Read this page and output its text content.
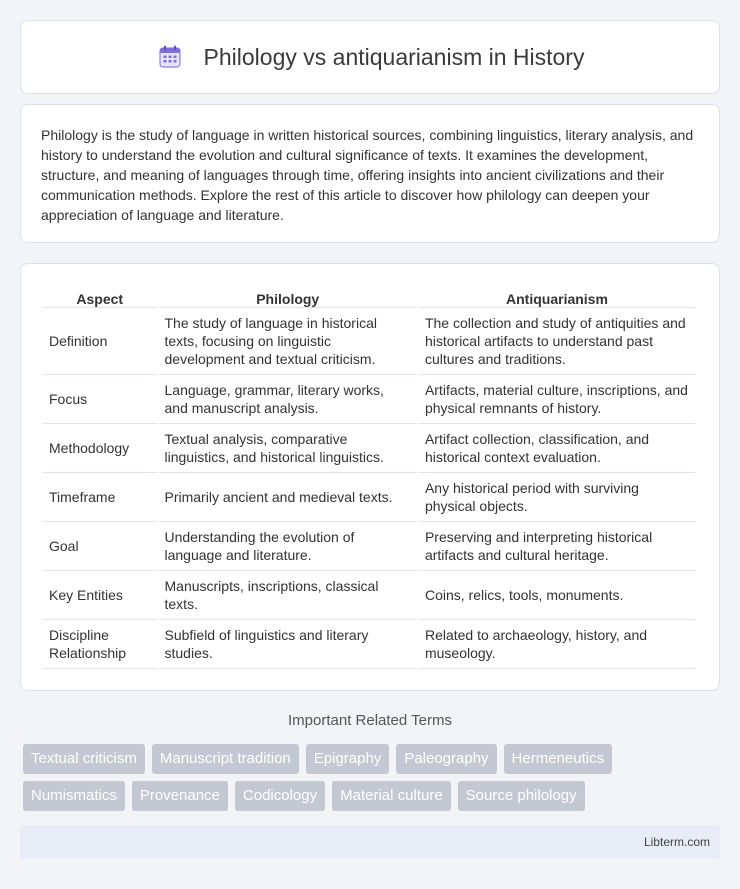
Philology vs antiquarianism in History

Philology is the study of language in written historical sources, combining linguistics, literary analysis, and history to understand the evolution and cultural significance of texts. It examines the development, structure, and meaning of languages through time, offering insights into ancient civilizations and their communication methods. Explore the rest of this article to discover how philology can deepen your appreciation of language and literature.

Aspect	Philology	Antiquarianism
Definition	The study of language in historical texts, focusing on linguistic development and textual criticism.	The collection and study of antiquities and historical artifacts to understand past cultures and traditions.
Focus	Language, grammar, literary works, and manuscript analysis.	Artifacts, material culture, inscriptions, and physical remnants of history.
Methodology	Textual analysis, comparative linguistics, and historical linguistics.	Artifact collection, classification, and historical context evaluation.
Timeframe	Primarily ancient and medieval texts.	Any historical period with surviving physical objects.
Goal	Understanding the evolution of language and literature.	Preserving and interpreting historical artifacts and cultural heritage.
Key Entities	Manuscripts, inscriptions, classical texts.	Coins, relics, tools, monuments.
Discipline Relationship	Subfield of linguistics and literary studies.	Related to archaeology, history, and museology.
Important Related Terms
Textual criticism	Manuscript tradition	Epigraphy	Paleography	Hermeneutics
Numismatics	Provenance	Codicology	Material culture	Source philology
Libterm.com
